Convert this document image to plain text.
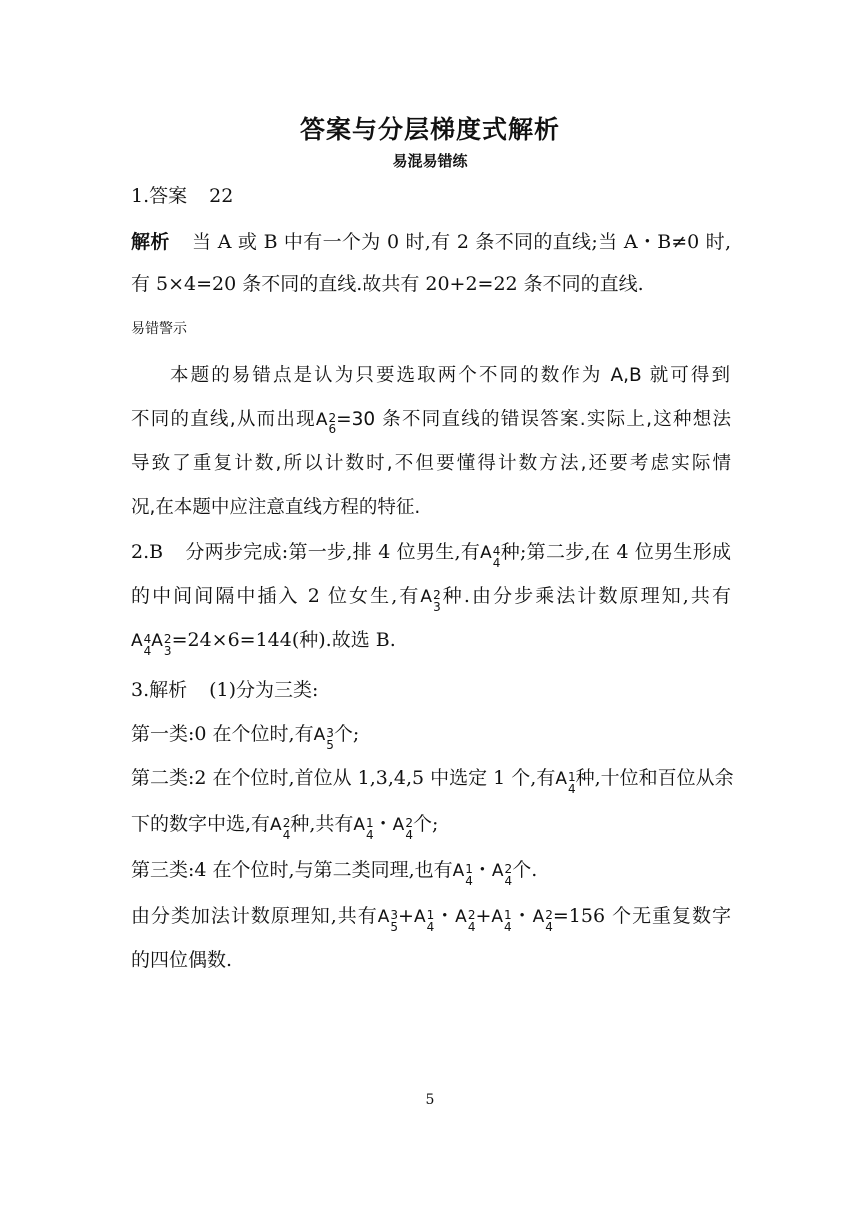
答案与分层梯度式解析
易混易错练
1.答案 22
解析 当 A 或 B 中有一个为 0 时,有 2 条不同的直线;当 A・B≠0 时,
有 5×4=20 条不同的直线.故共有 20+2=22 条不同的直线.
易错警示
本题的易错点是认为只要选取两个不同的数作为 A,B 就可得到
不同的直线,从而出现A 2
6 =30 条不同直线的错误答案.实际上,这种想法
导致了重复计数,所以计数时,不但要懂得计数方法,还要考虑实际情
况,在本题中应注意直线方程的特征.
2.B 分两步完成:第一步,排 4 位男生,有A 4
4 种;第二步,在 4 位男生形成
的中间间隔中插入 2 位女生,有A 2
3 种.由分步乘法计数原理知,共有
A 4
4 A 2
3 =24×6=144(种).故选 B.
3.解析 (1)分为三类:
第一类:0 在个位时,有A 3
5 个;
第二类:2 在个位时,首位从 1,3,4,5 中选定 1 个,有A 1
4 种,十位和百位从余
下的数字中选,有A 2
4 种,共有A 1
4 ・A 2
4 个;
第三类:4 在个位时,与第二类同理,也有A 1
4 ・A 2
4 个.
由分类加法计数原理知,共有A 3
5 +A 1
4 ・A 2
4 +A 1
4 ・A 2
4 =156 个无重复数字
的四位偶数.
5
